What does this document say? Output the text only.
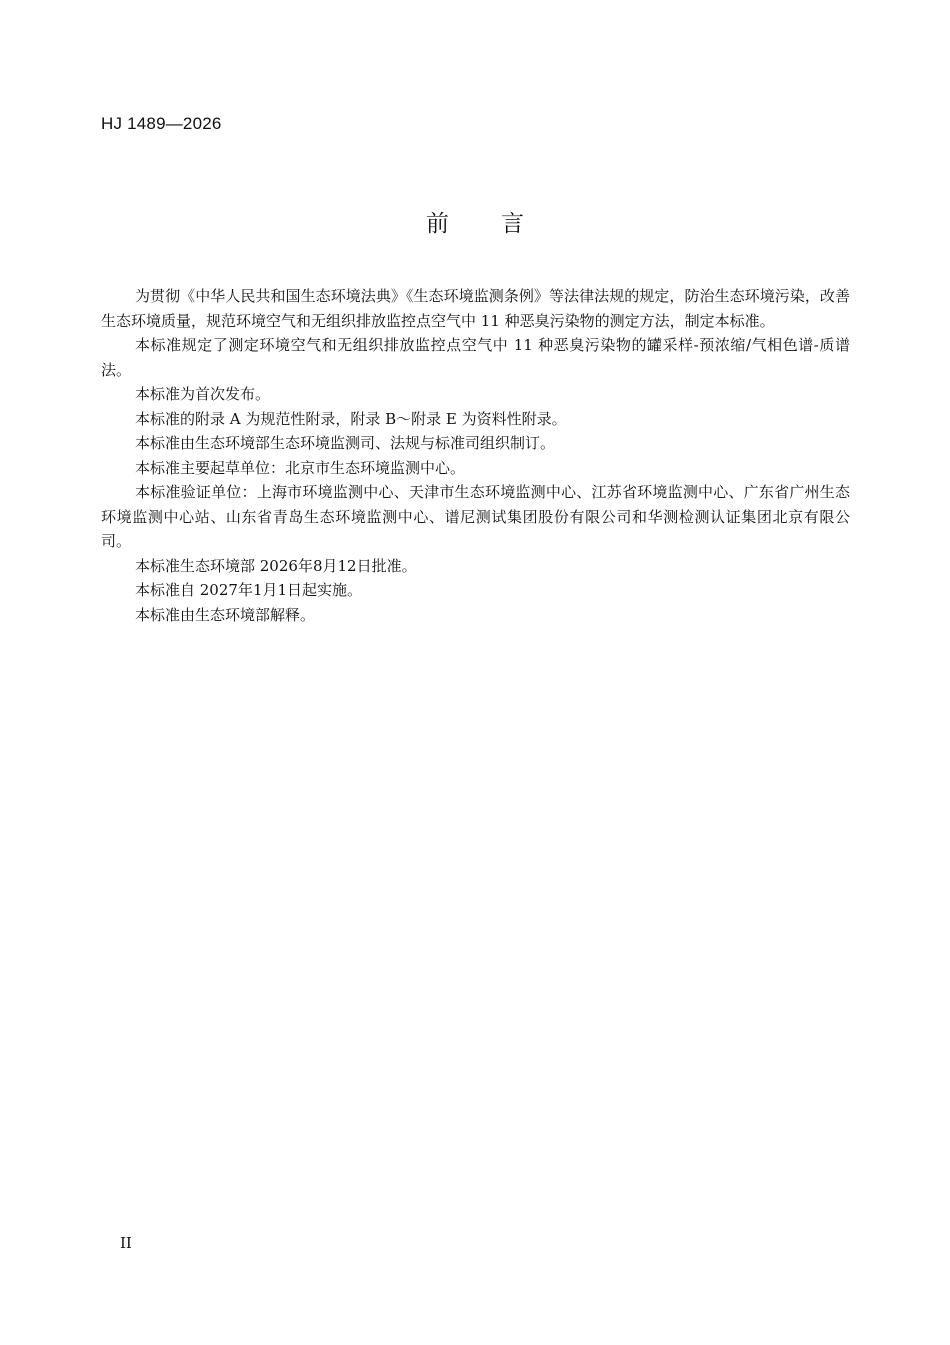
HJ 1489—2026
前言

为贯彻《中华人民共和国生态环境法典》《生态环境监测条例》等法律法规的规定，防治生态环境污染，改善生态环境质量，规范环境空气和无组织排放监控点空气中 11 种恶臭污染物的测定方法，制定本标准。

本标准规定了测定环境空气和无组织排放监控点空气中 11 种恶臭污染物的罐采样-预浓缩/气相色谱-质谱法。

本标准为首次发布。

本标准的附录 A 为规范性附录，附录 B～附录 E 为资料性附录。

本标准由生态环境部生态环境监测司、法规与标准司组织制订。

本标准主要起草单位：北京市生态环境监测中心。

本标准验证单位：上海市环境监测中心、天津市生态环境监测中心、江苏省环境监测中心、广东省广州生态环境监测中心站、山东省青岛生态环境监测中心、谱尼测试集团股份有限公司和华测检测认证集团北京有限公司。

本标准生态环境部 2026年8月12日批准。

本标准自 2027年1月1日起实施。

本标准由生态环境部解释。

II
